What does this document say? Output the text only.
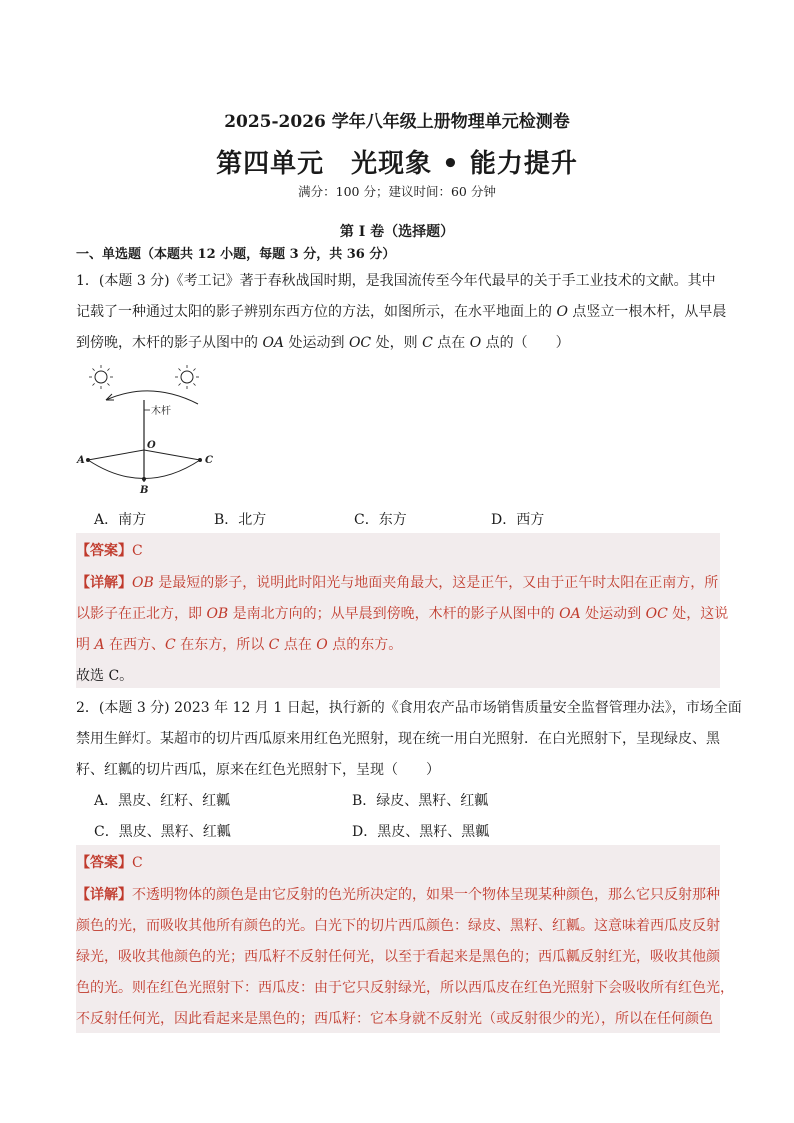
2025-2026 学年八年级上册物理单元检测卷
第四单元　光现象 • 能力提升
满分：100 分；建议时间：60 分钟
第 I 卷（选择题）
一、单选题（本题共 12 小题，每题 3 分，共 36 分）
1．(本题 3 分)《考工记》著于春秋战国时期，是我国流传至今年代最早的关于手工业技术的文献。其中
记载了一种通过太阳的影子辨别东西方位的方法，如图所示，在水平地面上的 O 点竖立一根木杆，从早晨
到傍晚，木杆的影子从图中的 OA 处运动到 OC 处，则 C 点在 O 点的（　　）
木杆
O
A	C
B
A．南方	B．北方	C．东方	D．西方
【答案】C
【详解】OB 是最短的影子，说明此时阳光与地面夹角最大，这是正午，又由于正午时太阳在正南方，所
以影子在正北方，即 OB 是南北方向的；从早晨到傍晚，木杆的影子从图中的 OA 处运动到 OC 处，这说
明 A 在西方、C 在东方，所以 C 点在 O 点的东方。
故选 C。
2．(本题 3 分) 2023 年 12 月 1 日起，执行新的《食用农产品市场销售质量安全监督管理办法》，市场全面
禁用生鲜灯。某超市的切片西瓜原来用红色光照射，现在统一用白光照射．在白光照射下，呈现绿皮、黑
籽、红瓤的切片西瓜，原来在红色光照射下，呈现（　　）
A．黑皮、红籽、红瓤	B．绿皮、黑籽、红瓤
C．黑皮、黑籽、红瓤	D．黑皮、黑籽、黑瓤
【答案】C
【详解】不透明物体的颜色是由它反射的色光所决定的，如果一个物体呈现某种颜色，那么它只反射那种
颜色的光，而吸收其他所有颜色的光。白光下的切片西瓜颜色：绿皮、黑籽、红瓤。这意味着西瓜皮反射
绿光，吸收其他颜色的光；西瓜籽不反射任何光，以至于看起来是黑色的；西瓜瓤反射红光，吸收其他颜
色的光。则在红色光照射下：西瓜皮：由于它只反射绿光，所以西瓜皮在红色光照射下会吸收所有红色光，
不反射任何光，因此看起来是黑色的；西瓜籽：它本身就不反射光（或反射很少的光），所以在任何颜色
